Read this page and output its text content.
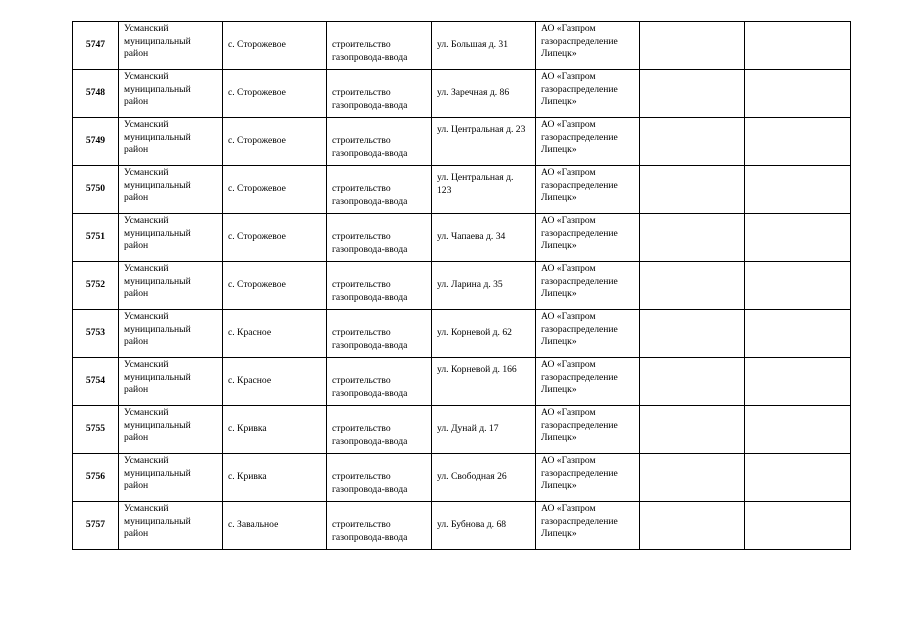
5747	Усманский муниципальный район	с. Сторожевое	строительство газопровода-ввода	ул. Большая д. 31	АО «Газпром газораспределение Липецк»		
5748	Усманский муниципальный район	с. Сторожевое	строительство газопровода-ввода	ул. Заречная д. 86	АО «Газпром газораспределение Липецк»		
5749	Усманский муниципальный район	с. Сторожевое	строительство газопровода-ввода	ул. Центральная д. 23	АО «Газпром газораспределение Липецк»		
5750	Усманский муниципальный район	с. Сторожевое	строительство газопровода-ввода	ул. Центральная д. 123	АО «Газпром газораспределение Липецк»		
5751	Усманский муниципальный район	с. Сторожевое	строительство газопровода-ввода	ул. Чапаева д. 34	АО «Газпром газораспределение Липецк»		
5752	Усманский муниципальный район	с. Сторожевое	строительство газопровода-ввода	ул. Ларина д. 35	АО «Газпром газораспределение Липецк»		
5753	Усманский муниципальный район	с. Красное	строительство газопровода-ввода	ул. Корневой д. 62	АО «Газпром газораспределение Липецк»		
5754	Усманский муниципальный район	с. Красное	строительство газопровода-ввода	ул. Корневой д. 166	АО «Газпром газораспределение Липецк»		
5755	Усманский муниципальный район	с. Кривка	строительство газопровода-ввода	ул. Дунай д. 17	АО «Газпром газораспределение Липецк»		
5756	Усманский муниципальный район	с. Кривка	строительство газопровода-ввода	ул. Свободная 26	АО «Газпром газораспределение Липецк»		
5757	Усманский муниципальный район	с. Завальное	строительство газопровода-ввода	ул. Бубнова д. 68	АО «Газпром газораспределение Липецк»		
